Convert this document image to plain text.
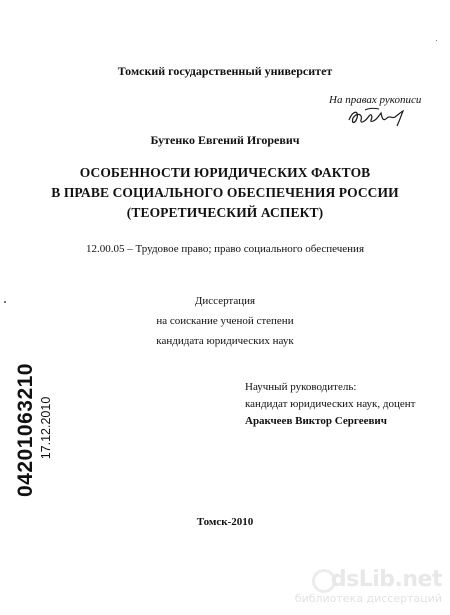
Томский государственный университет
На правах рукописи
Бутенко Евгений Игоревич
ОСОБЕННОСТИ ЮРИДИЧЕСКИХ ФАКТОВ
В ПРАВЕ СОЦИАЛЬНОГО ОБЕСПЕЧЕНИЯ РОССИИ
(ТЕОРЕТИЧЕСКИЙ АСПЕКТ)
12.00.05 – Трудовое право; право социального обеспечения
Диссертация
на соискание ученой степени
кандидата юридических наук
Научный руководитель:
кандидат юридических наук, доцент
Аракчеев Виктор Сергеевич
Томск-2010
04201063210 17.12.2010
dsLib.net
библиотека диссертаций
